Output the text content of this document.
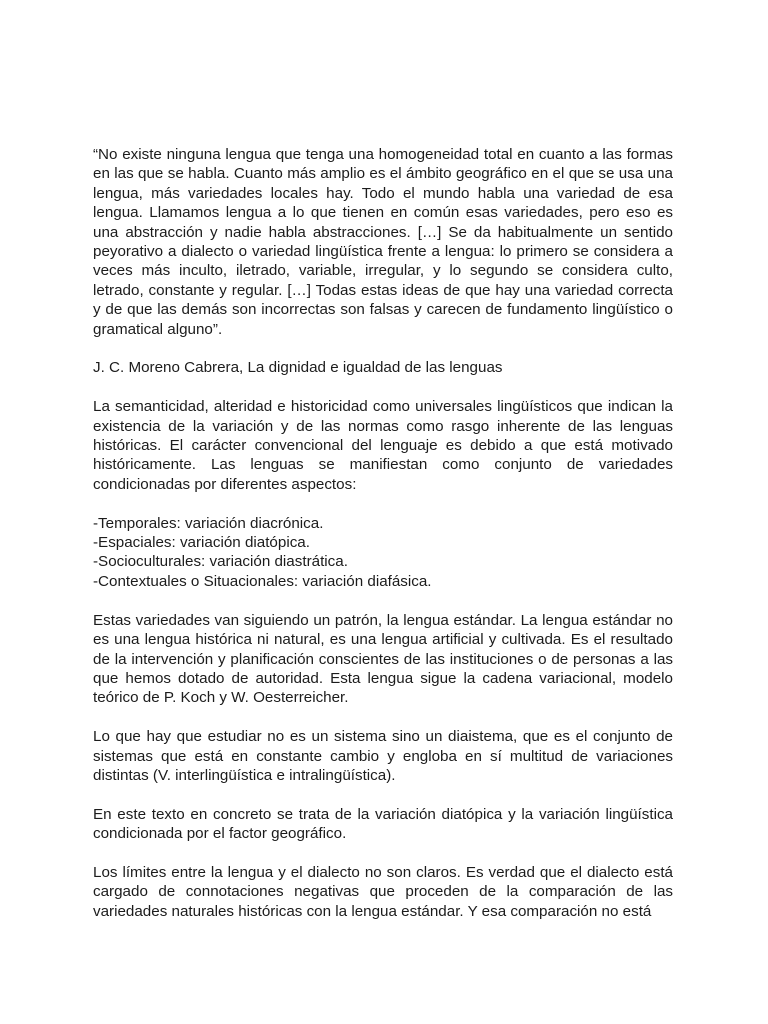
“No existe ninguna lengua que tenga una homogeneidad total en cuanto a las formas en las que se habla. Cuanto más amplio es el ámbito geográfico en el que se usa una lengua, más variedades locales hay. Todo el mundo habla una variedad de esa lengua. Llamamos lengua a lo que tienen en común esas variedades, pero eso es una abstracción y nadie habla abstracciones. […] Se da habitualmente un sentido peyorativo a dialecto o variedad lingüística frente a lengua: lo primero se considera a veces más inculto, iletrado, variable, irregular, y lo segundo se considera culto, letrado, constante y regular. […] Todas estas ideas de que hay una variedad correcta y de que las demás son incorrectas son falsas y carecen de fundamento lingüístico o gramatical alguno”.

J. C. Moreno Cabrera, La dignidad e igualdad de las lenguas

La semanticidad, alteridad e historicidad como universales lingüísticos que indican la existencia de la variación y de las normas como rasgo inherente de las lenguas históricas. El carácter convencional del lenguaje es debido a que está motivado históricamente. Las lenguas se manifiestan como conjunto de variedades condicionadas por diferentes aspectos:

-Temporales: variación diacrónica.
-Espaciales: variación diatópica.
-Socioculturales: variación diastrática.
-Contextuales o Situacionales: variación diafásica.

Estas variedades van siguiendo un patrón, la lengua estándar. La lengua estándar no es una lengua histórica ni natural, es una lengua artificial y cultivada. Es el resultado de la intervención y planificación conscientes de las instituciones o de personas a las que hemos dotado de autoridad. Esta lengua sigue la cadena variacional, modelo teórico de P. Koch y W. Oesterreicher.

Lo que hay que estudiar no es un sistema sino un diaistema, que es el conjunto de sistemas que está en constante cambio y engloba en sí multitud de variaciones distintas (V. interlingüística e intralingüística).

En este texto en concreto se trata de la variación diatópica y la variación lingüística condicionada por el factor geográfico.

Los límites entre la lengua y el dialecto no son claros. Es verdad que el dialecto está cargado de connotaciones negativas que proceden de la comparación de las variedades naturales históricas con la lengua estándar. Y esa comparación no está
